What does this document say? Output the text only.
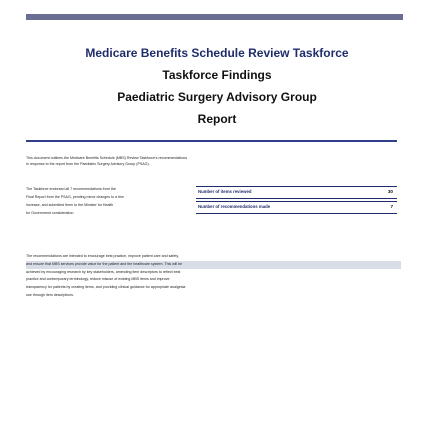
Medicare Benefits Schedule Review Taskforce

Taskforce Findings

Paediatric Surgery Advisory Group

Report

This document outlines the Medicare Benefits Schedule (MBS) Review Taskforce's recommendations
in response to the report from the Paediatric Surgery Advisory Group (PSAG).
The Taskforce endorsed all 7 recommendations from the
Final Report from the PSAG, pending minor changes to a few
increase, and submitted them to the Minister for Health
for Government consideration.
Number of items reviewed	30
Number of recommendations made	7
The recommendations are intended to encourage best practice, improve patient care and safety,
and ensure that MBS services provide value for the patient and the healthcare system. This will be
achieved by encouraging research by key stakeholders, amending item descriptors to reflect best
practice and contemporary terminology, reduce misuse of existing MBS items and improve
transparency for patients by creating items, and providing clinical guidance for appropriate analgesia
use through item descriptions.
